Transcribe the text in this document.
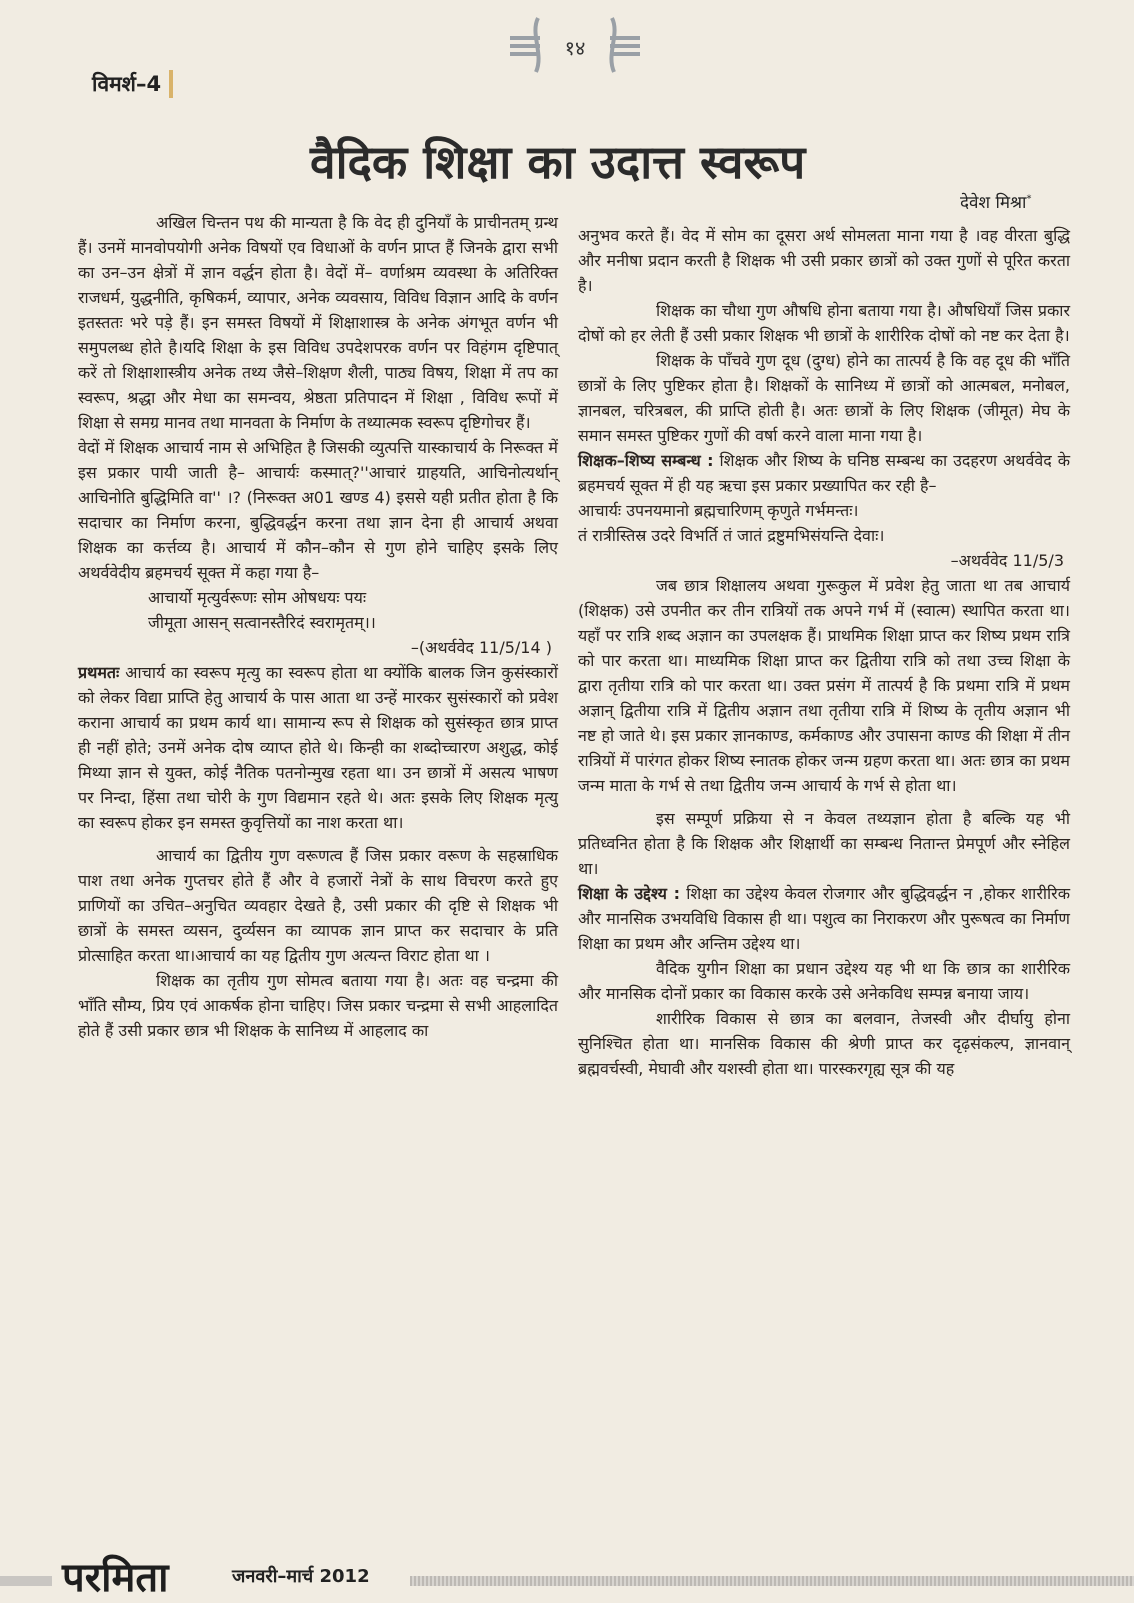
१४
विमर्श–4
वैदिक शिक्षा का उदात्त स्वरूप
देवेश मिश्रा*

अखिल चिन्तन पथ की मान्यता है कि वेद ही दुनियाँ के प्राचीनतम् ग्रन्थ हैं। उनमें मानवोपयोगी अनेक विषयों एव विधाओं के वर्णन प्राप्त हैं जिनके द्वारा सभी का उन–उन क्षेत्रों में ज्ञान वर्द्धन होता है। वेदों में– वर्णाश्रम व्यवस्था के अतिरिक्त राजधर्म, युद्धनीति, कृषिकर्म, व्यापार, अनेक व्यवसाय, विविध विज्ञान आदि के वर्णन इतस्ततः भरे पड़े हैं। इन समस्त विषयों में शिक्षाशास्त्र के अनेक अंगभूत वर्णन भी समुपलब्ध होते है।यदि शिक्षा के इस विविध उपदेशपरक वर्णन पर विहंगम दृष्टिपात् करें तो शिक्षाशास्त्रीय अनेक तथ्य जैसे–शिक्षण शैली, पाठ्य विषय, शिक्षा में तप का स्वरूप, श्रद्धा और मेधा का समन्वय, श्रेष्ठता प्रतिपादन में शिक्षा , विविध रूपों में शिक्षा से समग्र मानव तथा मानवता के निर्माण के तथ्यात्मक स्वरूप दृष्टिगोचर हैं।

वेदों में शिक्षक आचार्य नाम से अभिहित है जिसकी व्युत्पत्ति यास्काचार्य के निरूक्त में इस प्रकार पायी जाती है– आचार्यः कस्मात्?''आचारं ग्राहयति, आचिनोत्यर्थान् आचिनोति बुद्धिमिति वा'' ।? (निरूक्त अ01 खण्ड 4) इससे यही प्रतीत होता है कि सदाचार का निर्माण करना, बुद्धिवर्द्धन करना तथा ज्ञान देना ही आचार्य अथवा शिक्षक का कर्त्तव्य है। आचार्य में कौन–कौन से गुण होने चाहिए इसके लिए अथर्ववेदीय ब्रहमचर्य सूक्त में कहा गया है–

आचार्यो मृत्युर्वरूणः सोम ओषधयः पयः

जीमूता आसन् सत्वानस्तैरिदं स्वरामृतम्।।

–(अथर्ववेद 11/5/14 )

प्रथमतः आचार्य का स्वरूप मृत्यु का स्वरूप होता था क्योंकि बालक जिन कुसंस्कारों को लेकर विद्या प्राप्ति हेतु आचार्य के पास आता था उन्हें मारकर सुसंस्कारों को प्रवेश कराना आचार्य का प्रथम कार्य था। सामान्य रूप से शिक्षक को सुसंस्कृत छात्र प्राप्त ही नहीं होते; उनमें अनेक दोष व्याप्त होते थे। किन्ही का शब्दोच्चारण अशुद्ध, कोई मिथ्या ज्ञान से युक्त, कोई नैतिक पतनोन्मुख रहता था। उन छात्रों में असत्य भाषण पर निन्दा, हिंसा तथा चोरी के गुण विद्यमान रहते थे। अतः इसके लिए शिक्षक मृत्यु का स्वरूप होकर इन समस्त कुवृत्तियों का नाश करता था।

आचार्य का द्वितीय गुण वरूणत्व हैं जिस प्रकार वरूण के सहस्राधिक पाश तथा अनेक गुप्तचर होते हैं और वे हजारों नेत्रों के साथ विचरण करते हुए प्राणियों का उचित–अनुचित व्यवहार देखते है, उसी प्रकार की दृष्टि से शिक्षक भी छात्रों के समस्त व्यसन, दुर्व्यसन का व्यापक ज्ञान प्राप्त कर सदाचार के प्रति प्रोत्साहित करता था।आचार्य का यह द्वितीय गुण अत्यन्त विराट होता था ।

शिक्षक का तृतीय गुण सोमत्व बताया गया है। अतः वह चन्द्रमा की भाँति सौम्य, प्रिय एवं आकर्षक होना चाहिए। जिस प्रकार चन्द्रमा से सभी आहलादित होते हैं उसी प्रकार छात्र भी शिक्षक के सानिध्य में आहलाद का

अनुभव करते हैं। वेद में सोम का दूसरा अर्थ सोमलता माना गया है ।वह वीरता बुद्धि और मनीषा प्रदान करती है शिक्षक भी उसी प्रकार छात्रों को उक्त गुणों से पूरित करता है।

शिक्षक का चौथा गुण औषधि होना बताया गया है। औषधियाँ जिस प्रकार दोषों को हर लेती हैं उसी प्रकार शिक्षक भी छात्रों के शारीरिक दोषों को नष्ट कर देता है।

शिक्षक के पाँचवे गुण दूध (दुग्ध) होने का तात्पर्य है कि वह दूध की भाँति छात्रों के लिए पुष्टिकर होता है। शिक्षकों के सानिध्य में छात्रों को आत्मबल, मनोबल, ज्ञानबल, चरित्रबल, की प्राप्ति होती है। अतः छात्रों के लिए शिक्षक (जीमूत) मेघ के समान समस्त पुष्टिकर गुणों की वर्षा करने वाला माना गया है।

शिक्षक–शिष्य सम्बन्ध : शिक्षक और शिष्य के घनिष्ठ सम्बन्ध का उदहरण अथर्ववेद के ब्रहमचर्य सूक्त में ही यह ऋचा इस प्रकार प्रख्यापित कर रही है–

आचार्यः उपनयमानो ब्रह्मचारिणम् कृणुते गर्भमन्तः।

तं रात्रीस्तिस्र उदरे विभर्ति तं जातं द्रष्टुमभिसंयन्ति देवाः।

–अथर्ववेद 11/5/3

जब छात्र शिक्षालय अथवा गुरूकुल में प्रवेश हेतु जाता था तब आचार्य (शिक्षक) उसे उपनीत कर तीन रात्रियों तक अपने गर्भ में (स्वात्म) स्थापित करता था। यहाँ पर रात्रि शब्द अज्ञान का उपलक्षक हैं। प्राथमिक शिक्षा प्राप्त कर शिष्य प्रथम रात्रि को पार करता था। माध्यमिक शिक्षा प्राप्त कर द्वितीया रात्रि को तथा उच्च शिक्षा के द्वारा तृतीया रात्रि को पार करता था। उक्त प्रसंग में तात्पर्य है कि प्रथमा रात्रि में प्रथम अज्ञान् द्वितीया रात्रि में द्वितीय अज्ञान तथा तृतीया रात्रि में शिष्य के तृतीय अज्ञान भी नष्ट हो जाते थे। इस प्रकार ज्ञानकाण्ड, कर्मकाण्ड और उपासना काण्ड की शिक्षा में तीन रात्रियों में पारंगत होकर शिष्य स्नातक होकर जन्म ग्रहण करता था। अतः छात्र का प्रथम जन्म माता के गर्भ से तथा द्वितीय जन्म आचार्य के गर्भ से होता था।

इस सम्पूर्ण प्रक्रिया से न केवल तथ्यज्ञान होता है बल्कि यह भी प्रतिध्वनित होता है कि शिक्षक और शिक्षार्थी का सम्बन्ध नितान्त प्रेमपूर्ण और स्नेहिल था।

शिक्षा के उद्देश्य : शिक्षा का उद्देश्य केवल रोजगार और बुद्धिवर्द्धन न ,होकर शारीरिक और मानसिक उभयविधि विकास ही था। पशुत्व का निराकरण और पुरूषत्व का निर्माण शिक्षा का प्रथम और अन्तिम उद्देश्य था।

वैदिक युगीन शिक्षा का प्रधान उद्देश्य यह भी था कि छात्र का शारीरिक और मानसिक दोनों प्रकार का विकास करके उसे अनेकविध सम्पन्न बनाया जाय।

शारीरिक विकास से छात्र का बलवान, तेजस्वी और दीर्घायु होना सुनिश्चित होता था। मानसिक विकास की श्रेणी प्राप्त कर दृढ़संकल्प, ज्ञानवान् ब्रह्मवर्चस्वी, मेघावी और यशस्वी होता था। पारस्करगृह्य सूत्र की यह

परमिता	जनवरी–मार्च 2012
